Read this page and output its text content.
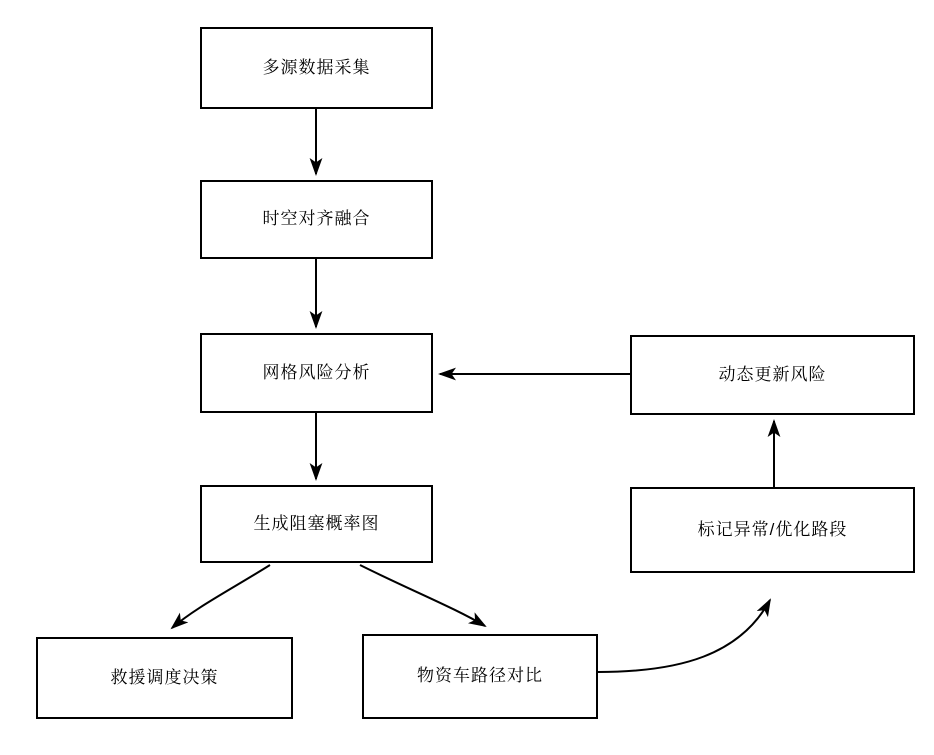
多源数据采集
时空对齐融合
网格风险分析
生成阻塞概率图
救援调度决策	物资车路径对比
标记异常/优化路段
动态更新风险
